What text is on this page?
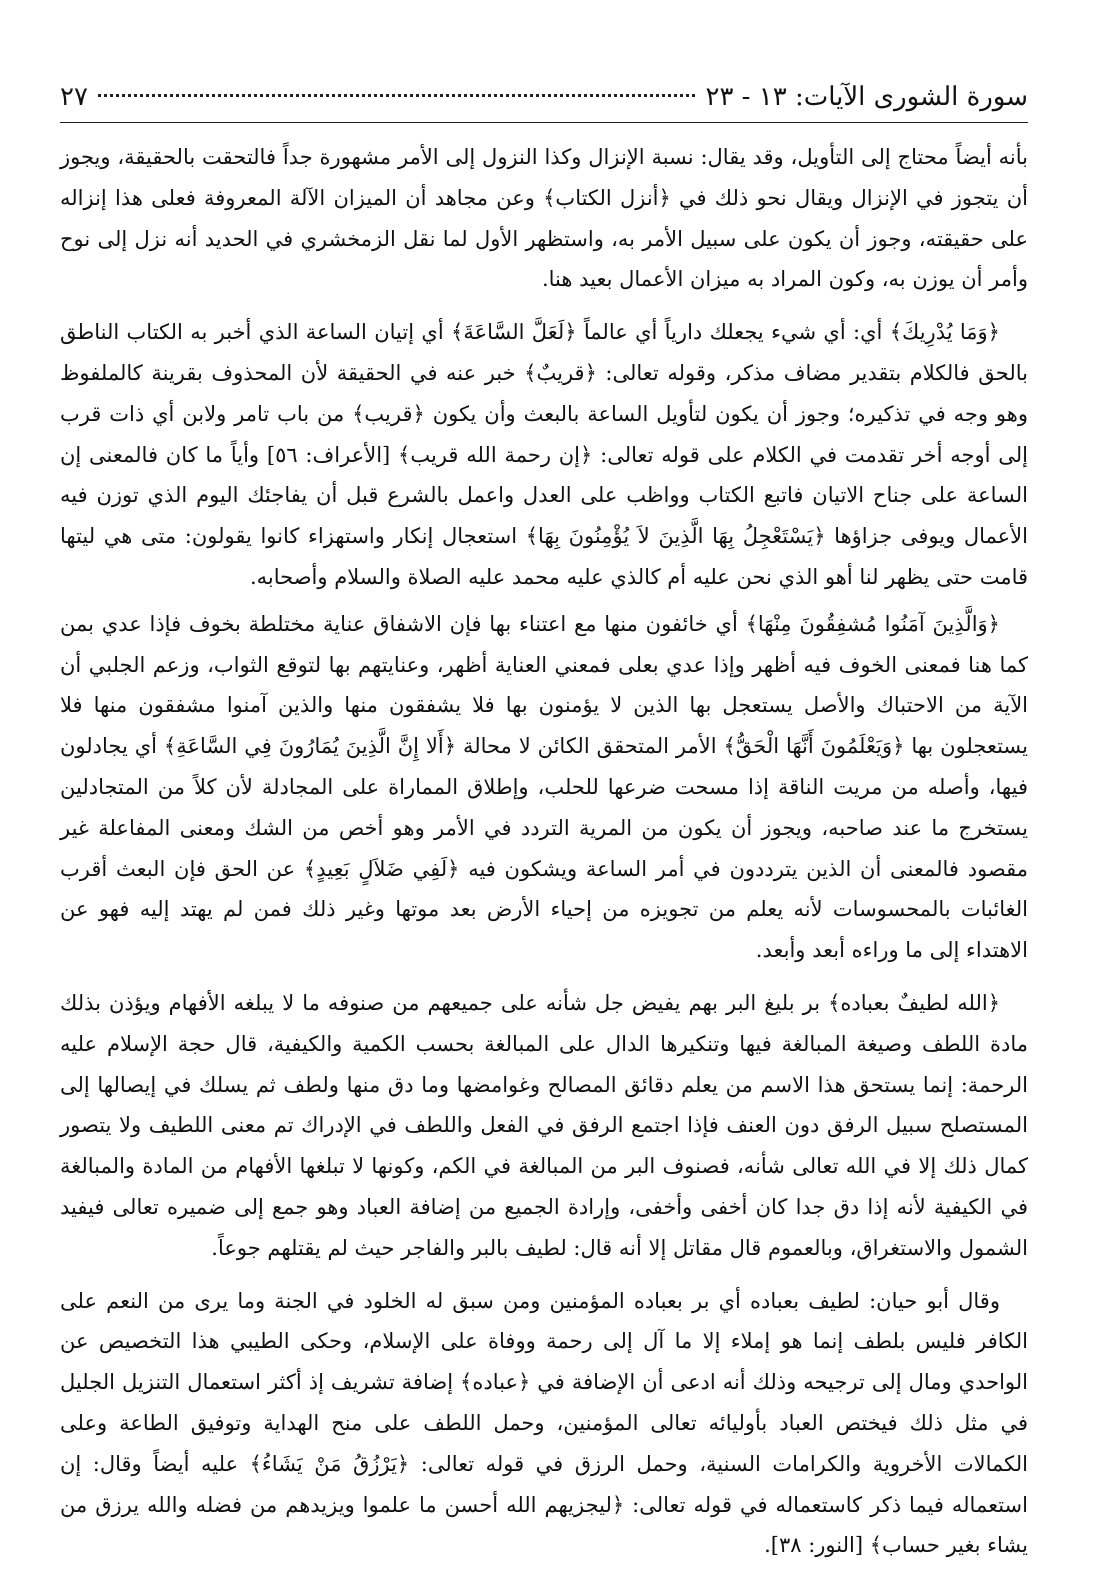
سورة الشورى الآيات: ١٣ - ٢٣
٢٧

بأنه أيضاً محتاج إلى التأويل، وقد يقال: نسبة الإنزال وكذا النزول إلى الأمر مشهورة جداً فالتحقت بالحقيقة، ويجوز أن يتجوز في الإنزال ويقال نحو ذلك في ﴿أنزل الكتاب﴾ وعن مجاهد أن الميزان الآلة المعروفة فعلى هذا إنزاله على حقيقته، وجوز أن يكون على سبيل الأمر به، واستظهر الأول لما نقل الزمخشري في الحديد أنه نزل إلى نوح وأمر أن يوزن به، وكون المراد به ميزان الأعمال بعيد هنا.

﴿وَمَا يُدْرِيكَ﴾ أي: أي شيء يجعلك دارياً أي عالماً ﴿لَعَلَّ السَّاعَةَ﴾ أي إتيان الساعة الذي أخبر به الكتاب الناطق بالحق فالكلام بتقدير مضاف مذكر، وقوله تعالى: ﴿قريبٌ﴾ خبر عنه في الحقيقة لأن المحذوف بقرينة كالملفوظ وهو وجه في تذكيره؛ وجوز أن يكون لتأويل الساعة بالبعث وأن يكون ﴿قريب﴾ من باب تامر ولابن أي ذات قرب إلى أوجه أخر تقدمت في الكلام على قوله تعالى: ﴿إن رحمة الله قريب﴾ [الأعراف: ٥٦] وأياً ما كان فالمعنى إن الساعة على جناح الاتيان فاتبع الكتاب وواظب على العدل واعمل بالشرع قبل أن يفاجئك اليوم الذي توزن فيه الأعمال ويوفى جزاؤها ﴿يَسْتَعْجِلُ بِهَا الَّذِينَ لاَ يُؤْمِنُونَ بِهَا﴾ استعجال إنكار واستهزاء كانوا يقولون: متى هي ليتها قامت حتى يظهر لنا أهو الذي نحن عليه أم كالذي عليه محمد عليه الصلاة والسلام وأصحابه.

﴿وَالَّذِينَ آمَنُوا مُشفِقُونَ مِنْهَا﴾ أي خائفون منها مع اعتناء بها فإن الاشفاق عناية مختلطة بخوف فإذا عدي بمن كما هنا فمعنى الخوف فيه أظهر وإذا عدي بعلى فمعني العناية أظهر، وعنايتهم بها لتوقع الثواب، وزعم الجلبي أن الآية من الاحتباك والأصل يستعجل بها الذين لا يؤمنون بها فلا يشفقون منها والذين آمنوا مشفقون منها فلا يستعجلون بها ﴿وَيَعْلَمُونَ أَنَّهَا الْحَقُّ﴾ الأمر المتحقق الكائن لا محالة ﴿أَلا إِنَّ الَّذِينَ يُمَارُونَ فِي السَّاعَةِ﴾ أي يجادلون فيها، وأصله من مريت الناقة إذا مسحت ضرعها للحلب، وإطلاق المماراة على المجادلة لأن كلاً من المتجادلين يستخرج ما عند صاحبه، ويجوز أن يكون من المرية التردد في الأمر وهو أخص من الشك ومعنى المفاعلة غير مقصود فالمعنى أن الذين يترددون في أمر الساعة ويشكون فيه ﴿لَفِي ضَلاَلٍ بَعِيدٍ﴾ عن الحق فإن البعث أقرب الغائبات بالمحسوسات لأنه يعلم من تجويزه من إحياء الأرض بعد موتها وغير ذلك فمن لم يهتد إليه فهو عن الاهتداء إلى ما وراءه أبعد وأبعد.

﴿الله لطيفٌ بعباده﴾ بر بليغ البر بهم يفيض جل شأنه على جميعهم من صنوفه ما لا يبلغه الأفهام ويؤذن بذلك مادة اللطف وصيغة المبالغة فيها وتنكيرها الدال على المبالغة بحسب الكمية والكيفية، قال حجة الإسلام عليه الرحمة: إنما يستحق هذا الاسم من يعلم دقائق المصالح وغوامضها وما دق منها ولطف ثم يسلك في إيصالها إلى المستصلح سبيل الرفق دون العنف فإذا اجتمع الرفق في الفعل واللطف في الإدراك تم معنى اللطيف ولا يتصور كمال ذلك إلا في الله تعالى شأنه، فصنوف البر من المبالغة في الكم، وكونها لا تبلغها الأفهام من المادة والمبالغة في الكيفية لأنه إذا دق جدا كان أخفى وأخفى، وإرادة الجميع من إضافة العباد وهو جمع إلى ضميره تعالى فيفيد الشمول والاستغراق، وبالعموم قال مقاتل إلا أنه قال: لطيف بالبر والفاجر حيث لم يقتلهم جوعاً.

وقال أبو حيان: لطيف بعباده أي بر بعباده المؤمنين ومن سبق له الخلود في الجنة وما يرى من النعم على الكافر فليس بلطف إنما هو إملاء إلا ما آل إلى رحمة ووفاة على الإسلام، وحكى الطيبي هذا التخصيص عن الواحدي ومال إلى ترجيحه وذلك أنه ادعى أن الإضافة في ﴿عباده﴾ إضافة تشريف إذ أكثر استعمال التنزيل الجليل في مثل ذلك فيختص العباد بأوليائه تعالى المؤمنين، وحمل اللطف على منح الهداية وتوفيق الطاعة وعلى الكمالات الأخروية والكرامات السنية، وحمل الرزق في قوله تعالى: ﴿يَرْزُقُ مَنْ يَشَاءُ﴾ عليه أيضاً وقال: إن استعماله فيما ذكر كاستعماله في قوله تعالى: ﴿ليجزيهم الله أحسن ما علموا ويزيدهم من فضله والله يرزق من يشاء بغير حساب﴾ [النور: ٣٨].
